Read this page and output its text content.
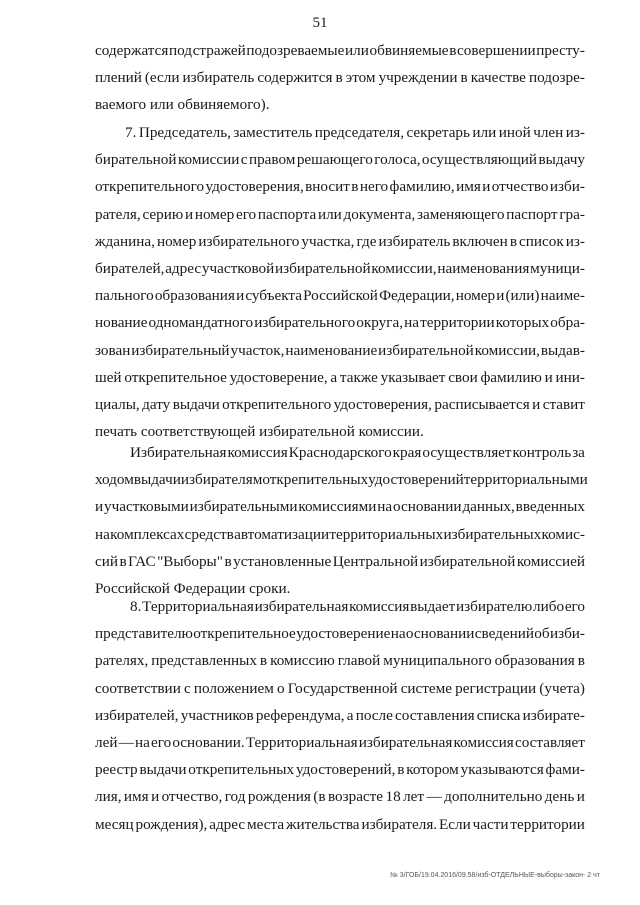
51
содержатся под стражей подозреваемые или обвиняемые в совершении престу-
плений (если избиратель содержится в этом учреждении в качестве подозре-
ваемого или обвиняемого).
7. Председатель, заместитель председателя, секретарь или иной член из-
бирательной комиссии с правом решающего голоса, осуществляющий выдачу
открепительного удостоверения, вносит в него фамилию, имя и отчество изби-
рателя, серию и номер его паспорта или документа, заменяющего паспорт гра-
жданина, номер избирательного участка, где избиратель включен в список из-
бирателей, адрес участковой избирательной комиссии, наименования муници-
пального образования и субъекта Российской Федерации, номер и (или) наиме-
нование одномандатного избирательного округа, на территории которых обра-
зован избирательный участок, наименование избирательной комиссии, выдав-
шей открепительное удостоверение, а также указывает свои фамилию и ини-
циалы, дату выдачи открепительного удостоверения, расписывается и ставит
печать соответствующей избирательной комиссии.
Избирательная комиссия Краснодарского края осуществляет контроль за
ходом выдачи избирателям открепительных удостоверений территориальными
и участковыми избирательными комиссиями на основании данных, введенных
на комплексах средств автоматизации территориальных избирательных комис-
сий в ГАС "Выборы" в установленные Центральной избирательной комиссией
Российской Федерации сроки.
8. Территориальная избирательная комиссия выдает избирателю либо его
представителю открепительное удостоверение на основании сведений об изби-
рателях, представленных в комиссию главой муниципального образования в
соответствии с положением о Государственной системе регистрации (учета)
избирателей, участников референдума, а после составления списка избирате-
лей — на его основании. Территориальная избирательная комиссия составляет
реестр выдачи открепительных удостоверений, в котором указываются фами-
лия, имя и отчество, год рождения (в возрасте 18 лет — дополнительно день и
месяц рождения), адрес места жительства избирателя. Если части территории
№ 3/ГОБ/19.04.2016/09.58/изб-ОТДЕЛЬНЫЕ-выборы-закон- 2 чт
